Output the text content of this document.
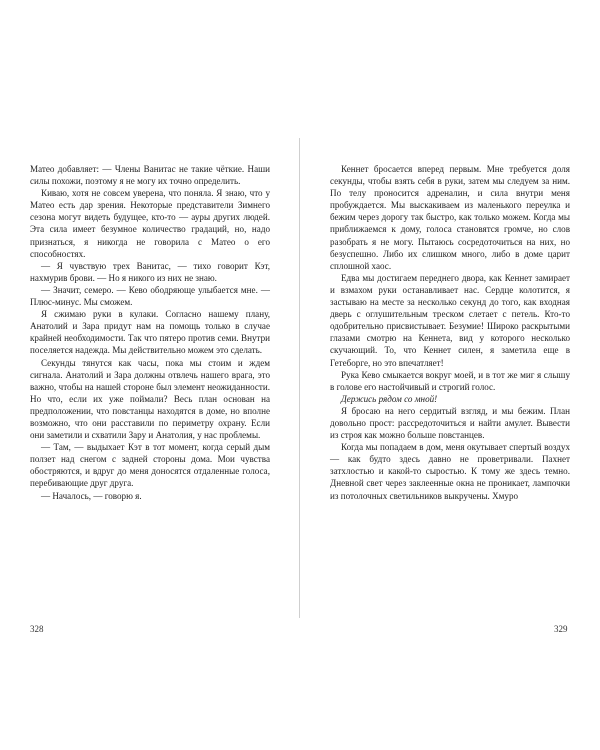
Матео добавляет: — Члены Ванитас не такие чёткие. Наши силы похожи, поэтому я не могу их точно определить.

Киваю, хотя не совсем уверена, что поняла. Я знаю, что у Матео есть дар зрения. Некоторые представители Зимнего сезона могут видеть будущее, кто-то — ауры других людей. Эта сила имеет безумное количество градаций, но, надо признаться, я никогда не говорила с Матео о его способностях.

— Я чувствую трех Ванитас, — тихо говорит Кэт, нахмурив брови. — Но я никого из них не знаю.

— Значит, семеро. — Кево ободряюще улыбается мне. — Плюс-минус. Мы сможем.

Я сжимаю руки в кулаки. Согласно нашему плану, Анатолий и Зара придут нам на помощь только в случае крайней необходимости. Так что пятеро против семи. Внутри поселяется надежда. Мы действительно можем это сделать.

Секунды тянутся как часы, пока мы стоим и ждем сигнала. Анатолий и Зара должны отвлечь нашего врага, это важно, чтобы на нашей стороне был элемент неожиданности. Но что, если их уже поймали? Весь план основан на предположении, что повстанцы находятся в доме, но вполне возможно, что они расставили по периметру охрану. Если они заметили и схватили Зару и Анатолия, у нас проблемы.

— Там, — выдыхает Кэт в тот момент, когда серый дым ползет над снегом с задней стороны дома. Мои чувства обостряются, и вдруг до меня доносятся отдаленные голоса, перебивающие друг друга.

— Началось, — говорю я.

328

Кеннет бросается вперед первым. Мне требуется доля секунды, чтобы взять себя в руки, затем мы следуем за ним. По телу проносится адреналин, и сила внутри меня пробуждается. Мы выскакиваем из маленького переулка и бежим через дорогу так быстро, как только можем. Когда мы приближаемся к дому, голоса становятся громче, но слов разобрать я не могу. Пытаюсь сосредоточиться на них, но безуспешно. Либо их слишком много, либо в доме царит сплошной хаос.

Едва мы достигаем переднего двора, как Кеннет замирает и взмахом руки останавливает нас. Сердце колотится, я застываю на месте за несколько секунд до того, как входная дверь с оглушительным треском слетает с петель. Кто-то одобрительно присвистывает. Безумие! Широко раскрытыми глазами смотрю на Кеннета, вид у которого несколько скучающий. То, что Кеннет силен, я заметила еще в Гетеборге, но это впечатляет!

Рука Кево смыкается вокруг моей, и в тот же миг я слышу в голове его настойчивый и строгий голос.

Держись рядом со мной!

Я бросаю на него сердитый взгляд, и мы бежим. План довольно прост: рассредоточиться и найти амулет. Вывести из строя как можно больше повстанцев.

Когда мы попадаем в дом, меня окутывает спертый воздух — как будто здесь давно не проветривали. Пахнет затхлостью и какой-то сыростью. К тому же здесь темно. Дневной свет через заклеенные окна не проникает, лампочки из потолочных светильников выкручены. Хмуро

329
